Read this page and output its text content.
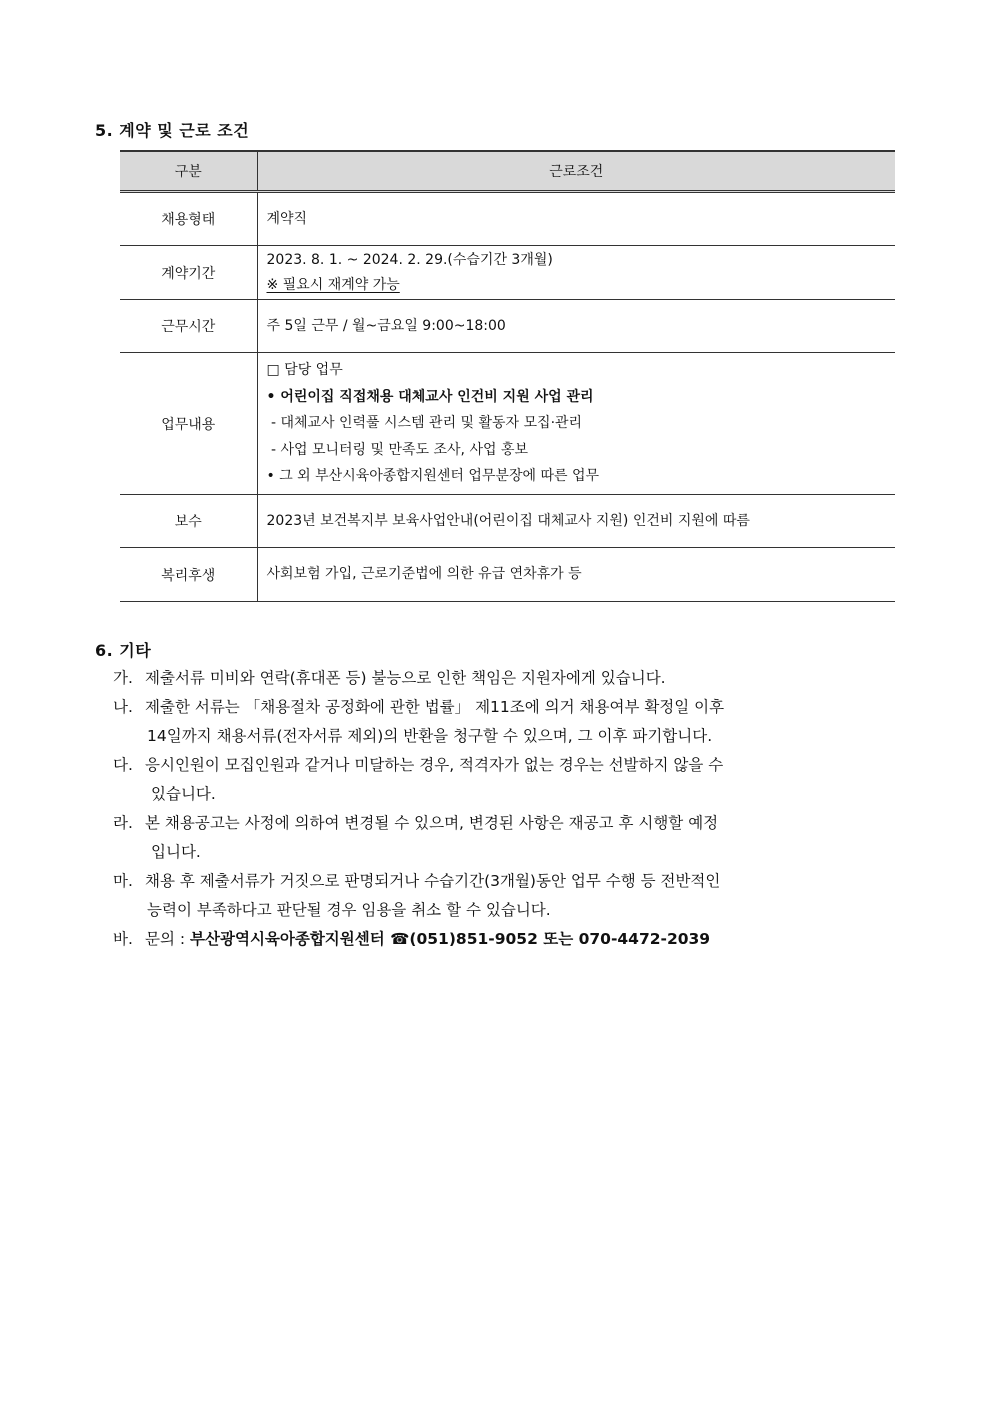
5. 계약 및 근로 조건
구분	근로조건
채용형태	계약직

계약기간	2023. 8. 1. ~ 2024. 2. 29.(수습기간 3개월)
※ 필요시 재계약 가능

근무시간	주 5일 근무 / 월~금요일 9:00~18:00

업무내용	□ 담당 업무
• 어린이집 직접채용 대체교사 인건비 지원 사업 관리
- 대체교사 인력풀 시스템 관리 및 활동자 모집·관리
- 사업 모니터링 및 만족도 조사, 사업 홍보
• 그 외 부산시육아종합지원센터 업무분장에 따른 업무

보수	2023년 보건복지부 보육사업안내(어린이집 대체교사 지원) 인건비 지원에 따름

복리후생	사회보험 가입, 근로기준법에 의한 유급 연차휴가 등
6. 기타
가. 제출서류 미비와 연락(휴대폰 등) 불능으로 인한 책임은 지원자에게 있습니다.
나. 제출한 서류는 「채용절차 공정화에 관한 법률」 제11조에 의거 채용여부 확정일 이후
14일까지 채용서류(전자서류 제외)의 반환을 청구할 수 있으며, 그 이후 파기합니다.
다. 응시인원이 모집인원과 같거나 미달하는 경우, 적격자가 없는 경우는 선발하지 않을 수
있습니다.
라. 본 채용공고는 사정에 의하여 변경될 수 있으며, 변경된 사항은 재공고 후 시행할 예정
입니다.
마. 채용 후 제출서류가 거짓으로 판명되거나 수습기간(3개월)동안 업무 수행 등 전반적인
능력이 부족하다고 판단될 경우 임용을 취소 할 수 있습니다.
바. 문의 : 부산광역시육아종합지원센터 ☎(051)851-9052 또는 070-4472-2039
